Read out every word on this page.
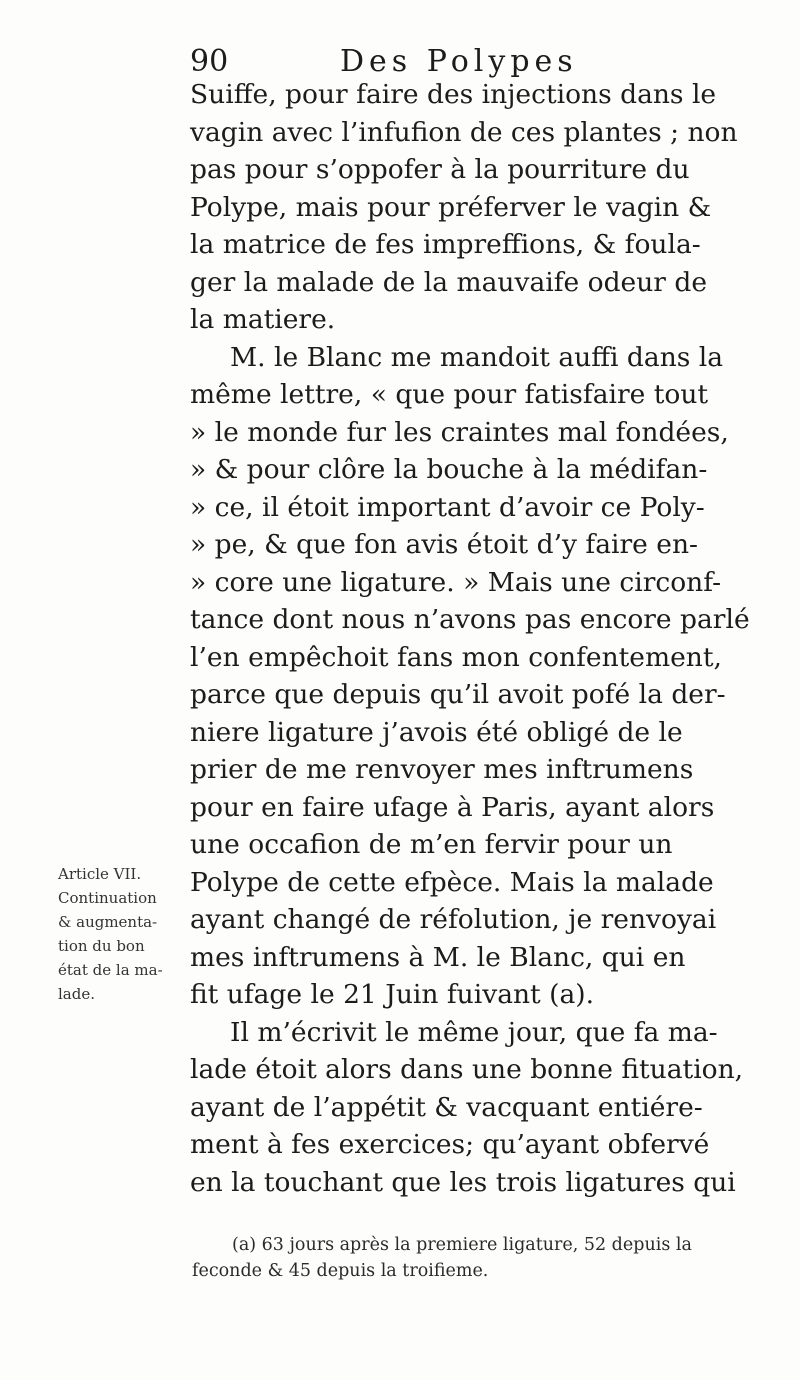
90	Des Polypes
Suiffe, pour faire des injections dans le
vagin avec l’infufion de ces plantes ; non
pas pour s’oppofer à la pourriture du
Polype, mais pour préferver le vagin &
la matrice de fes impreffions, & foula-
ger la malade de la mauvaife odeur de
la matiere.
M. le Blanc me mandoit auffi dans la
même lettre, « que pour fatisfaire tout
» le monde fur les craintes mal fondées,
» & pour clôre la bouche à la médifan-
» ce, il étoit important d’avoir ce Poly-
» pe, & que fon avis étoit d’y faire en-
» core une ligature. » Mais une circonf-
tance dont nous n’avons pas encore parlé
l’en empêchoit fans mon confentement,
parce que depuis qu’il avoit pofé la der-
niere ligature j’avois été obligé de le
prier de me renvoyer mes inftrumens
pour en faire ufage à Paris, ayant alors
une occafion de m’en fervir pour un
Polype de cette efpèce. Mais la malade
ayant changé de réfolution, je renvoyai
mes inftrumens à M. le Blanc, qui en
fit ufage le 21 Juin fuivant (a).
Il m’écrivit le même jour, que fa ma-
lade étoit alors dans une bonne fituation,
ayant de l’appétit & vacquant entiére-
ment à fes exercices; qu’ayant obfervé
en la touchant que les trois ligatures qui
Article VII.
Continuation
& augmenta-
tion du bon
état de la ma-
lade.
(a) 63 jours après la premiere ligature, 52 depuis la
feconde & 45 depuis la troifieme.
